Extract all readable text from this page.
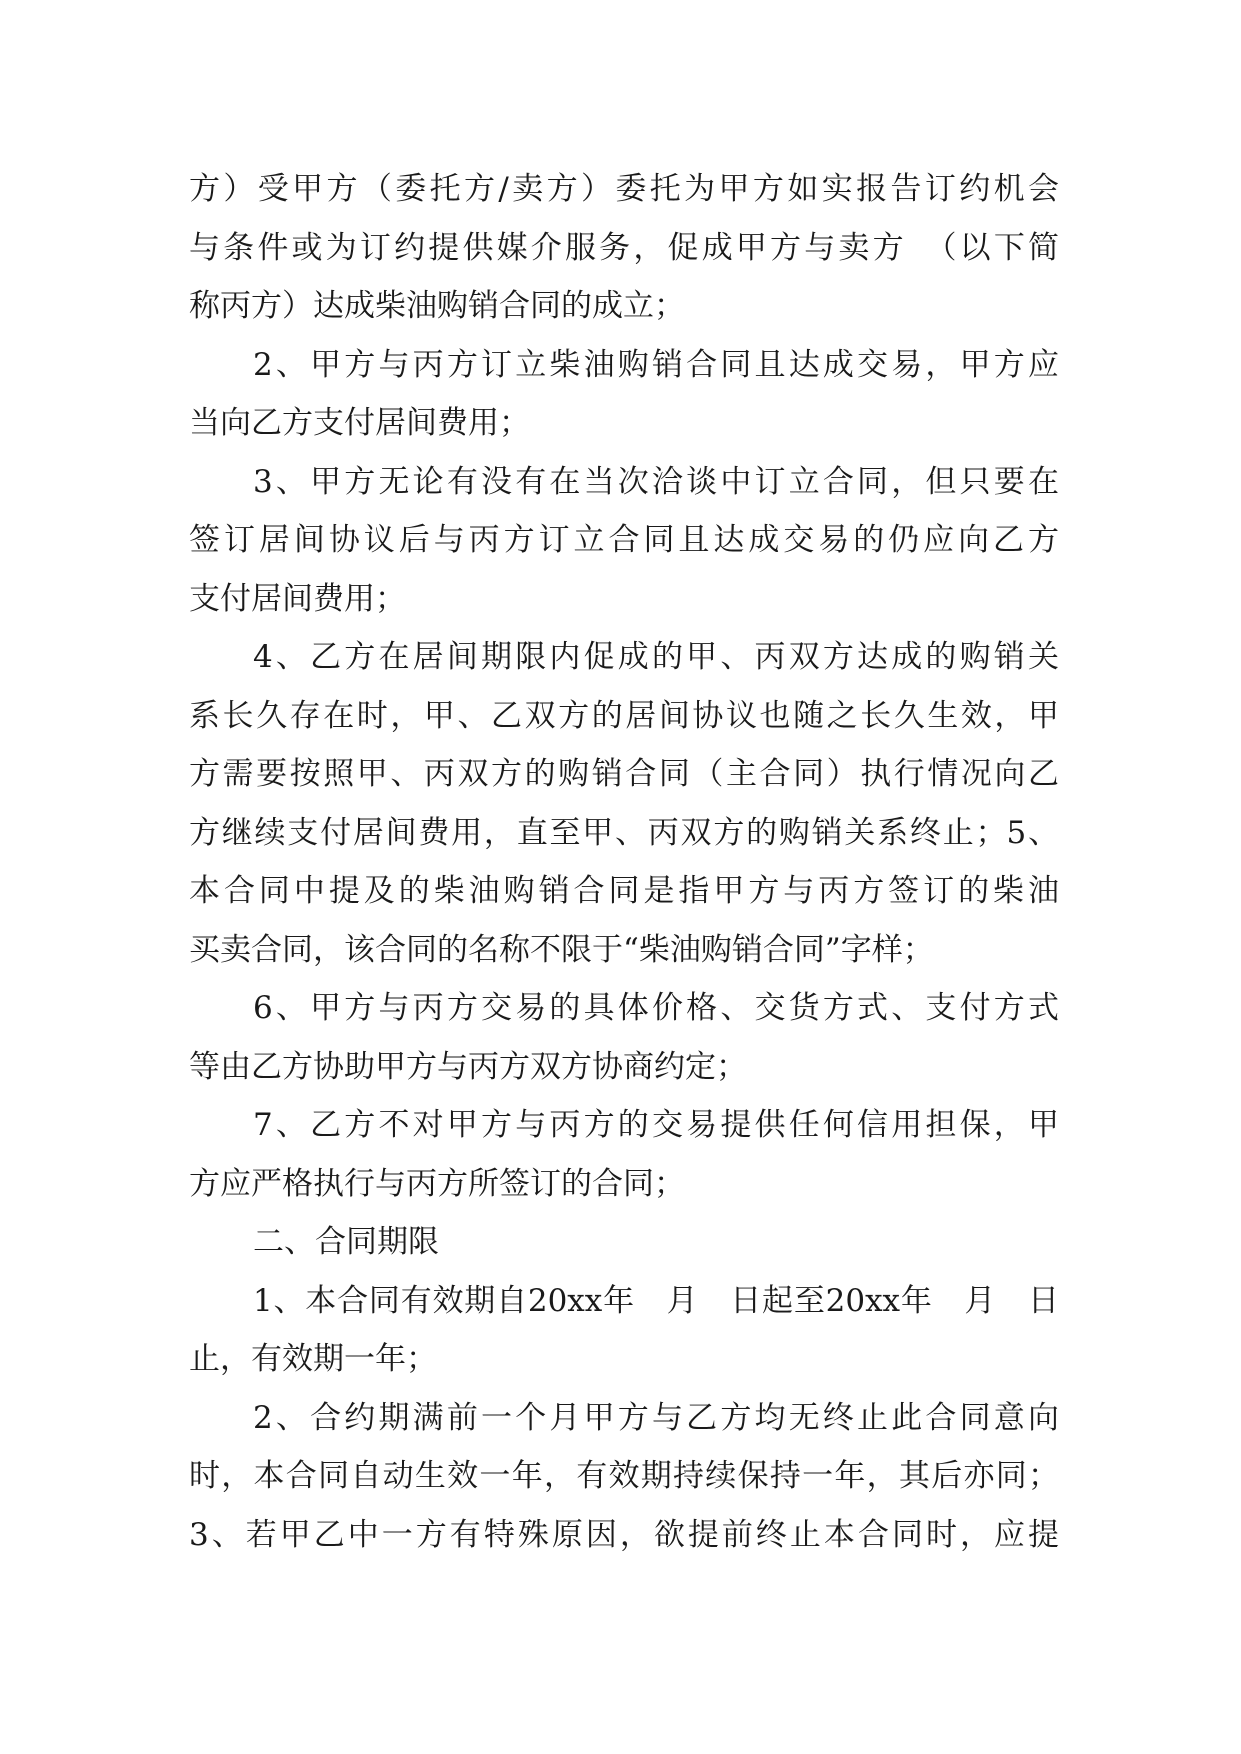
方）受甲方（委托方/卖方）委托为甲方如实报告订约机会
与条件或为订约提供媒介服务，促成甲方与卖方　（以下简
称丙方）达成柴油购销合同的成立；
2、甲方与丙方订立柴油购销合同且达成交易，甲方应
当向乙方支付居间费用；
3、甲方无论有没有在当次洽谈中订立合同，但只要在
签订居间协议后与丙方订立合同且达成交易的仍应向乙方
支付居间费用；
4、乙方在居间期限内促成的甲、丙双方达成的购销关
系长久存在时，甲、乙双方的居间协议也随之长久生效，甲
方需要按照甲、丙双方的购销合同（主合同）执行情况向乙
方继续支付居间费用，直至甲、丙双方的购销关系终止；5、
本合同中提及的柴油购销合同是指甲方与丙方签订的柴油
买卖合同，该合同的名称不限于“柴油购销合同”字样；
6、甲方与丙方交易的具体价格、交货方式、支付方式
等由乙方协助甲方与丙方双方协商约定；
7、乙方不对甲方与丙方的交易提供任何信用担保，甲
方应严格执行与丙方所签订的合同；
二、合同期限
1、本合同有效期自20xx年　月　日起至20xx年　月　日
止，有效期一年；
2、合约期满前一个月甲方与乙方均无终止此合同意向
时，本合同自动生效一年，有效期持续保持一年，其后亦同；
3、若甲乙中一方有特殊原因，欲提前终止本合同时，应提
